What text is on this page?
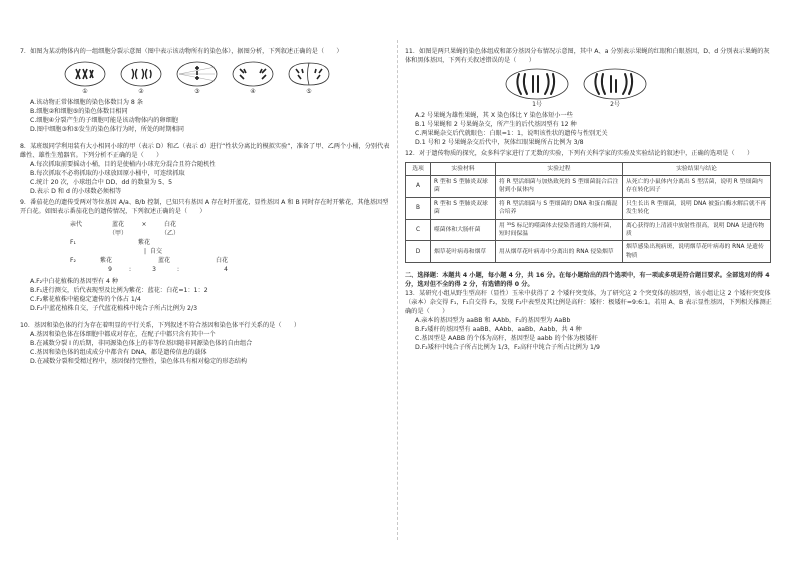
7．如图为某动物体内的一组细胞分裂示意图（图中表示该动物所有的染色体），据图分析，下列叙述正确的是（　　）

①	②	③	④	⑤

A.该动物正常体细胞的染色体数目为 8 条

B.细胞②和细胞⑤的染色体数目相同

C.细胞④分裂产生的子细胞可能是该动物体内的卵细胞

D.图中细胞③和⑤发生的染色体行为时，所处的时期相同

8．某班级同学利用装有大小相同小球的甲（表示 D）和乙（表示 d）进行“性状分离比的模拟实验”，准备了甲、乙两个小桶，分别代表雌性、雄性生殖器官。下列分析不正确的是（　　）

A.每次抓取前要摇动小桶，目的是使桶内小球充分混合且符合随机性

B.每次抓取不必将抓取的小球放回原小桶中，可连续抓取

C.统计 20 次，小球组合中 DD、dd 的数量为 5、5

D.表示 D 和 d 的小球数必须相等

9．番茄花色的遗传受两对等位基因 A/a、B/b 控制，已知只有基因 A 存在时开蓝花，显性基因 A 和 B 同时存在时开紫花，其他基因型开白花。如图表示番茄花色的遗传情况，下列叙述正确的是（　　）

亲代	蓝花	×	白花
（甲）	（乙）
F₁	紫花
| 自交
F₂	紫花	蓝花	白花
9	:	3	:	4

A.F₂中白花植株的基因型有 4 种

B.F₁进行测交，后代表现型及比例为紫花：蓝花：白花=1：1：2

C.F₂紫花植株中能稳定遗传的个体占 1/4

D.F₂中蓝花植株自交，子代蓝花植株中纯合子所占比例为 2/3

10．基因和染色体的行为存在着明显的平行关系，下列叙述不符合基因和染色体平行关系的是（　　）

A.基因和染色体在体细胞中都成对存在，在配子中都只含有其中一个

B.在减数分裂 I 的后期，非同源染色体上的非等位基因随非同源染色体的自由组合

C.基因和染色体的组成成分中都含有 DNA，都是遗传信息的载体

D.在减数分裂和受精过程中，基因保持完整性，染色体具有相对稳定的形态结构

11．如图是两只果蝇的染色体组成和部分基因分布情况示意图，其中 A、a 分别表示果蝇的红眼和白眼基因，D、d 分别表示果蝇的灰体和黑体基因，下列有关叙述错误的是（　　）

1号	2号

A.2 号果蝇为雄性果蝇，其 X 染色体比 Y 染色体短小一些

B.1 号果蝇和 2 号果蝇杂交，所产生的后代基因型有 12 种

C.两果蝇杂交后代就眼色：白眼=1：1，说明该性状的遗传与性别无关

D.1 号和 2 号果蝇杂交后代中，灰体红眼果蝇所占比例为 3/8

12．对于遗传物质的探究，众多科学家进行了无数的实验，下列有关科学家的实验及实验结论的叙述中，正确的选项是（　　）

选项	实验材料	实验过程	实验结果与结论
A	R 型和 S 型肺炎双球菌	将 R 型活细菌与加热致死的 S 型细菌混合后注射到小鼠体内	从死亡的小鼠体内分离出 S 型活菌，说明 R 型细菌内存在转化因子
B	R 型和 S 型肺炎双球菌	将 R 型活细菌与 S 型细菌的 DNA 和蛋白酶混合培养	只生长出 R 型细菌，说明 DNA 被蛋白酶水解后就不再发生转化
C	噬菌体和大肠杆菌	用 ³⁵S 标记的噬菌体去侵染普通的大肠杆菌，短时间保温	离心获得的上清液中放射性很高，说明 DNA 是遗传物质
D	烟草花叶病毒和烟草	用从烟草花叶病毒中分离出的 RNA 侵染烟草	烟草感染出现病斑，说明烟草花叶病毒的 RNA 是遗传物质

二、选择题：本题共 4 小题，每小题 4 分，共 16 分。在每小题给出的四个选项中，有一项或多项是符合题目要求。全部选对的得 4 分，选对但不全的得 2 分，有选错的得 0 分。

13．某研究小组从野生型高秆（显性）玉米中获得了 2 个矮秆突变体，为了研究这 2 个突变体的基因型，该小组让这 2 个矮秆突变体（亲本）杂交得 F₁，F₁自交得 F₂，发现 F₂中表型及其比例是高秆：矮秆：极矮秆=9:6:1。若用 A、B 表示显性基因，下列相关推测正确的是（　　）

A.亲本的基因型为 aaBB 和 AAbb，F₁的基因型为 AaBb

B.F₂矮秆的基因型有 aaBB、AAbb、aaBb、Aabb，共 4 种

C.基因型是 AABB 的个体为高秆，基因型是 aabb 的个体为极矮秆

D.F₂矮秆中纯合子所占比例为 1/3，F₂高秆中纯合子所占比例为 1/9
